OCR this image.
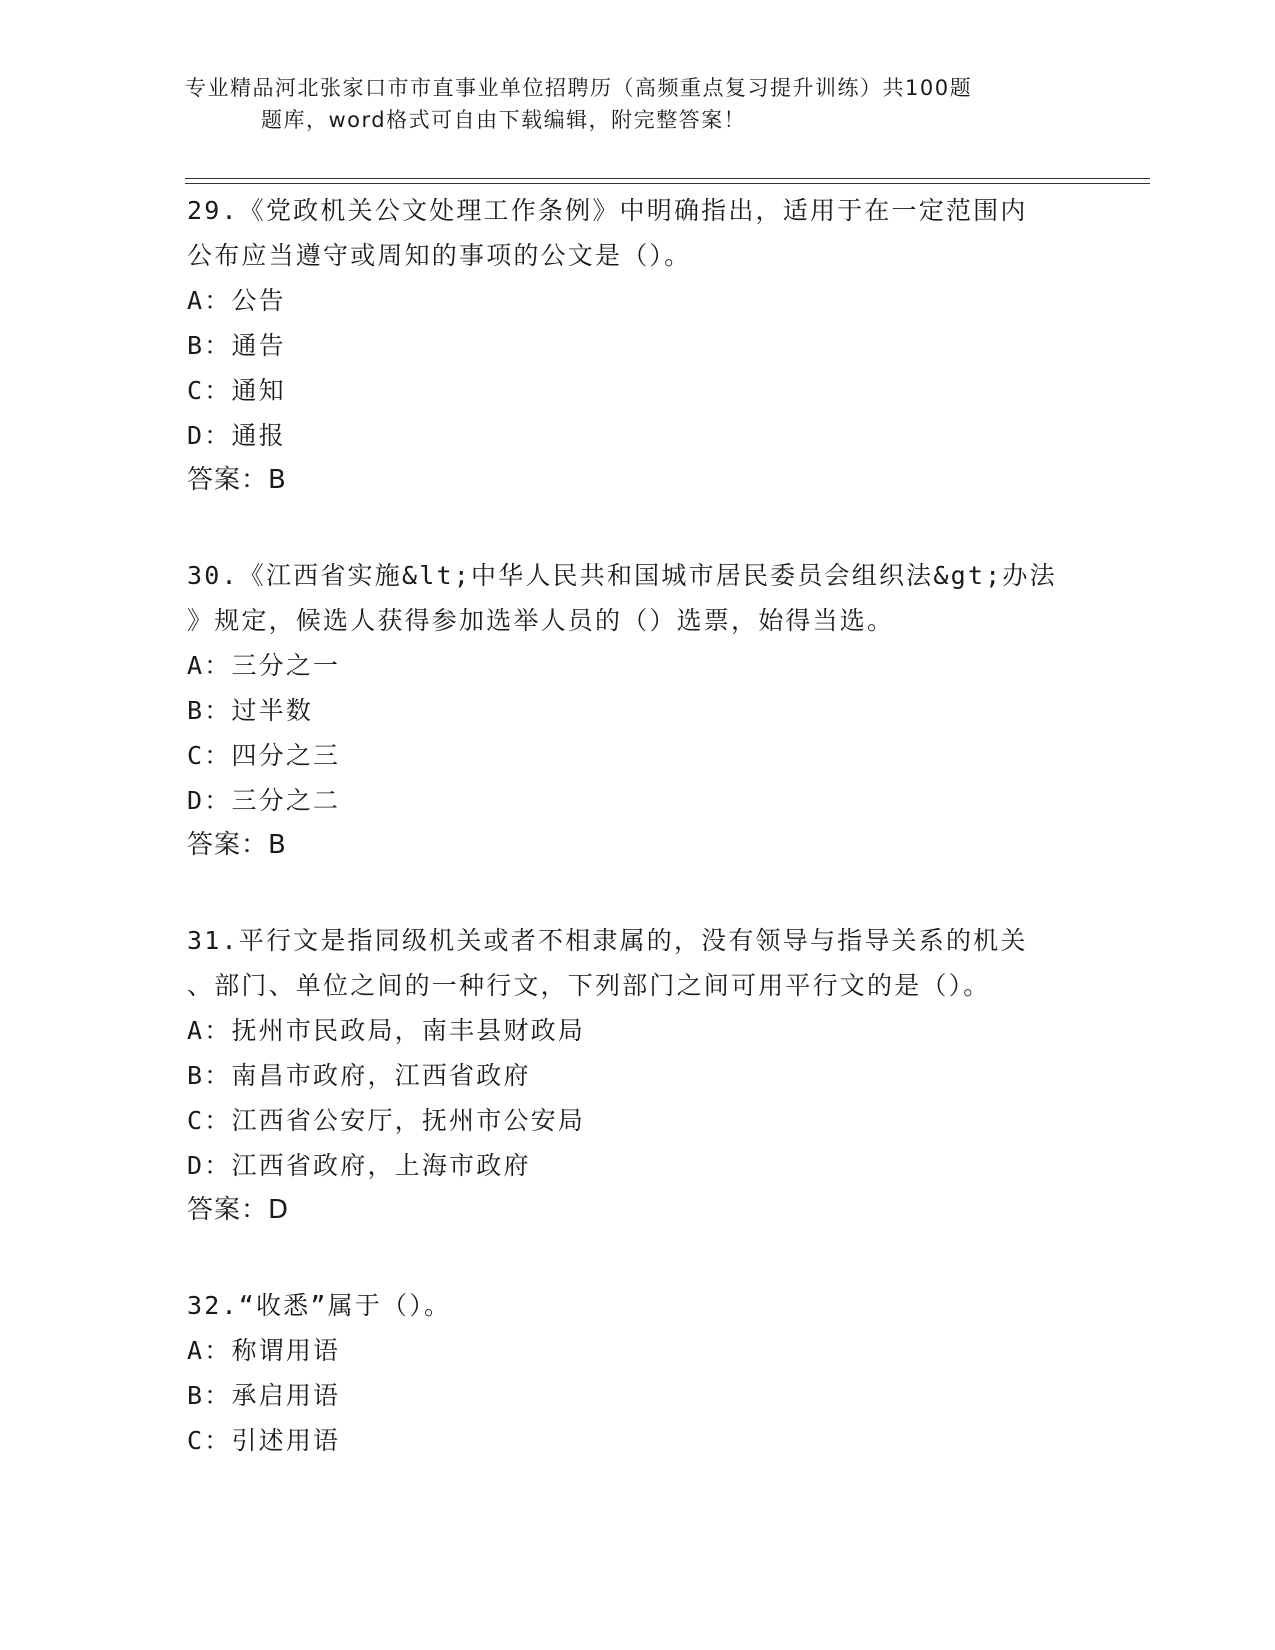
专业精品河北张家口市市直事业单位招聘历（高频重点复习提升训练）共100题
题库，word格式可自由下载编辑，附完整答案！

29.《党政机关公文处理工作条例》中明确指出，适用于在一定范围内

公布应当遵守或周知的事项的公文是（）。

A：公告

B：通告

C：通知

D：通报

答案：B

30.《江西省实施&lt;中华人民共和国城市居民委员会组织法&gt;办法

》规定，候选人获得参加选举人员的（）选票，始得当选。

A：三分之一

B：过半数

C：四分之三

D：三分之二

答案：B

31.平行文是指同级机关或者不相隶属的，没有领导与指导关系的机关

、部门、单位之间的一种行文，下列部门之间可用平行文的是（）。

A：抚州市民政局，南丰县财政局

B：南昌市政府，江西省政府

C：江西省公安厅，抚州市公安局

D：江西省政府，上海市政府

答案：D

32.“收悉”属于（）。

A：称谓用语

B：承启用语

C：引述用语
